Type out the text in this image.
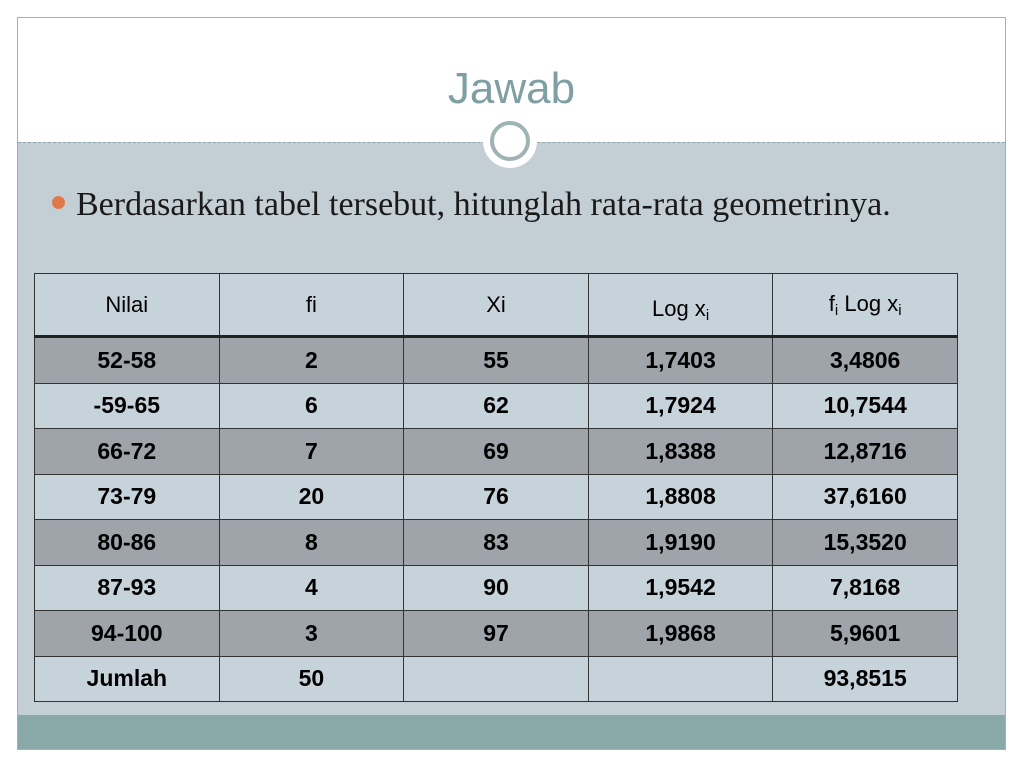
Jawab
Berdasarkan tabel tersebut, hitunglah rata-rata geometrinya.
Nilai	fi	Xi	Log $x_i$	$f_i$ Log $x_i$
52-58	2	55	1,7403	3,4806
-59-65	6	62	1,7924	10,7544
66-72	7	69	1,8388	12,8716
73-79	20	76	1,8808	37,6160
80-86	8	83	1,9190	15,3520
87-93	4	90	1,9542	7,8168
94-100	3	97	1,9868	5,9601
Jumlah	50			93,8515
